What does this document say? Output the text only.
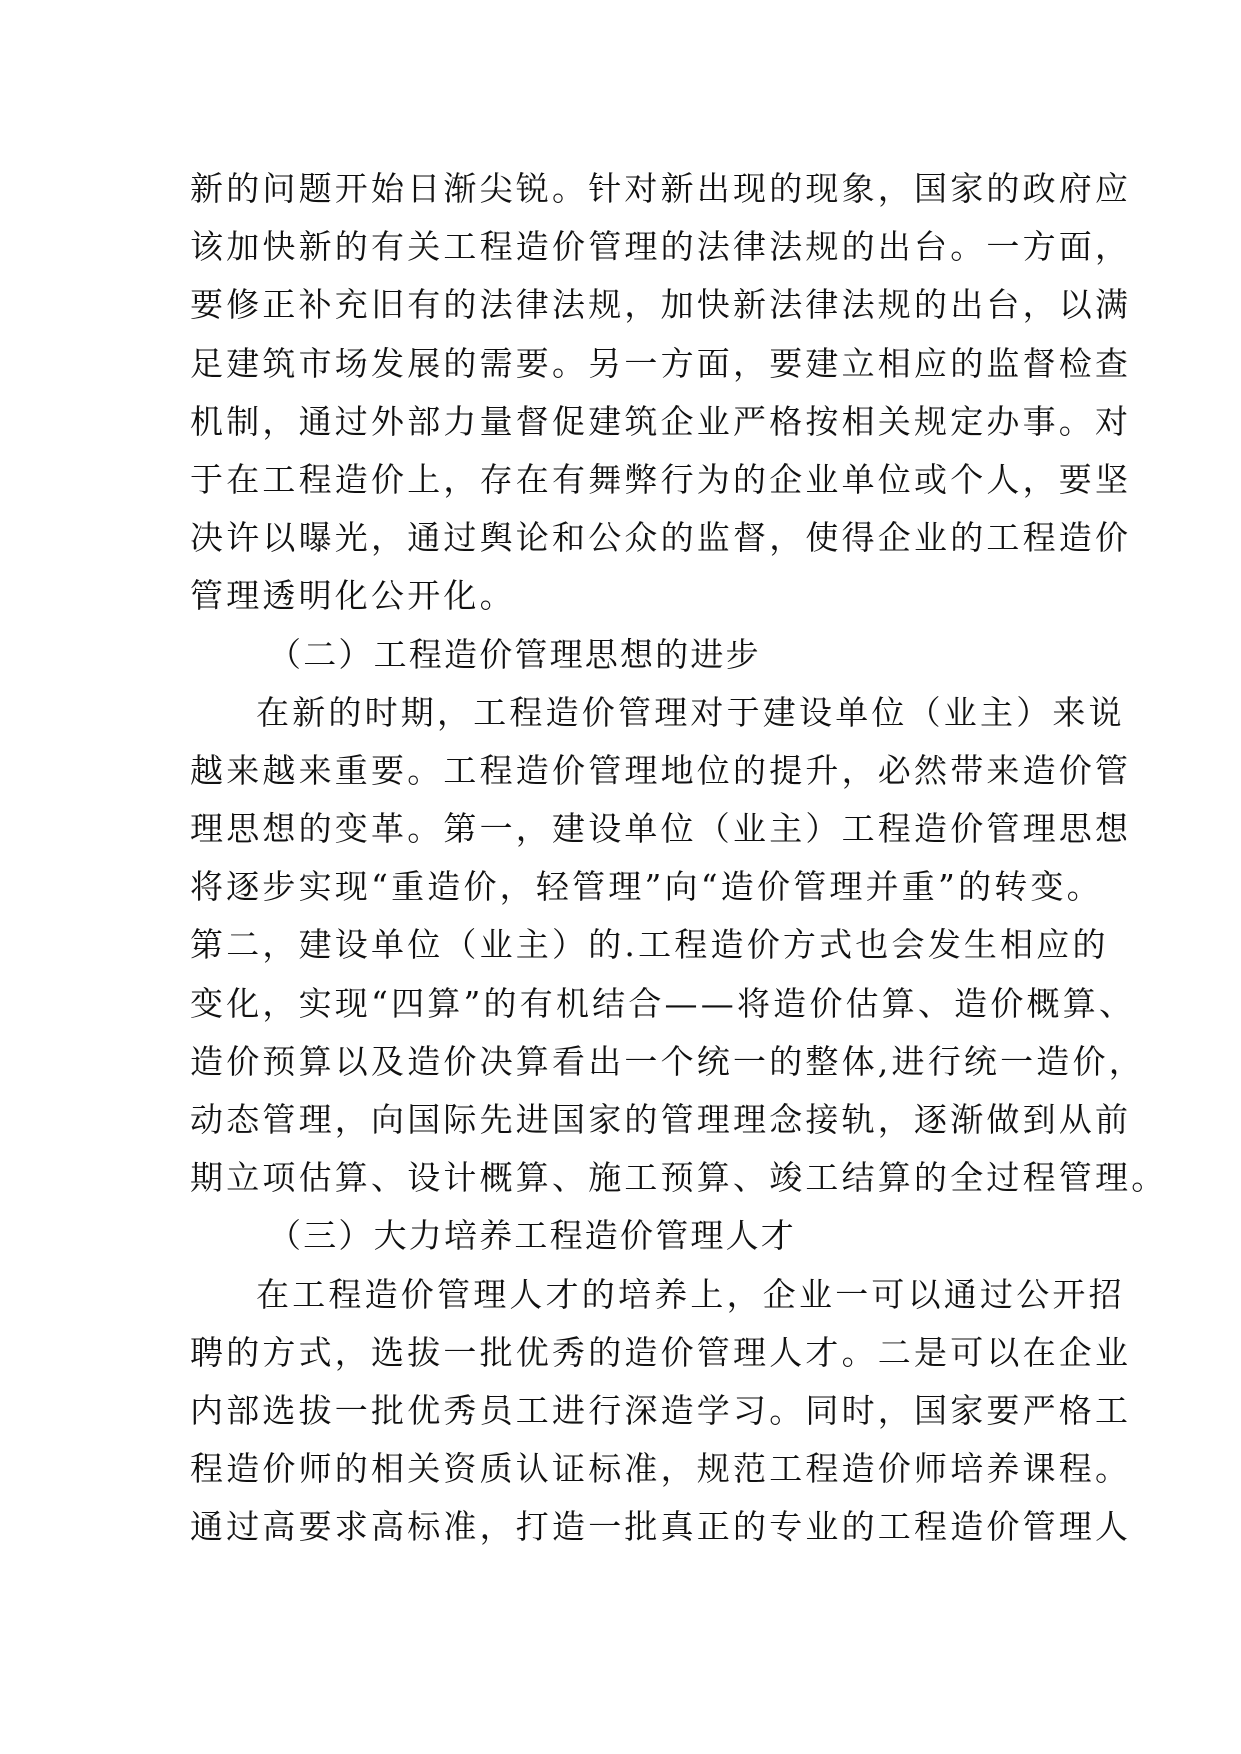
新的问题开始日渐尖锐。针对新出现的现象，国家的政府应
该加快新的有关工程造价管理的法律法规的出台。一方面，
要修正补充旧有的法律法规，加快新法律法规的出台，以满
足建筑市场发展的需要。另一方面，要建立相应的监督检查
机制，通过外部力量督促建筑企业严格按相关规定办事。对
于在工程造价上，存在有舞弊行为的企业单位或个人，要坚
决许以曝光，通过舆论和公众的监督，使得企业的工程造价
管理透明化公开化。
（二）工程造价管理思想的进步
在新的时期，工程造价管理对于建设单位（业主）来说
越来越来重要。工程造价管理地位的提升，必然带来造价管
理思想的变革。第一，建设单位（业主）工程造价管理思想
将逐步实现“重造价，轻管理”向“造价管理并重”的转变。
第二，建设单位（业主）的.工程造价方式也会发生相应的
变化，实现“四算”的有机结合——将造价估算、造价概算、
造价预算以及造价决算看出一个统一的整体,进行统一造价，
动态管理，向国际先进国家的管理理念接轨，逐渐做到从前
期立项估算、设计概算、施工预算、竣工结算的全过程管理。
（三）大力培养工程造价管理人才
在工程造价管理人才的培养上，企业一可以通过公开招
聘的方式，选拔一批优秀的造价管理人才。二是可以在企业
内部选拔一批优秀员工进行深造学习。同时，国家要严格工
程造价师的相关资质认证标准，规范工程造价师培养课程。
通过高要求高标准，打造一批真正的专业的工程造价管理人
